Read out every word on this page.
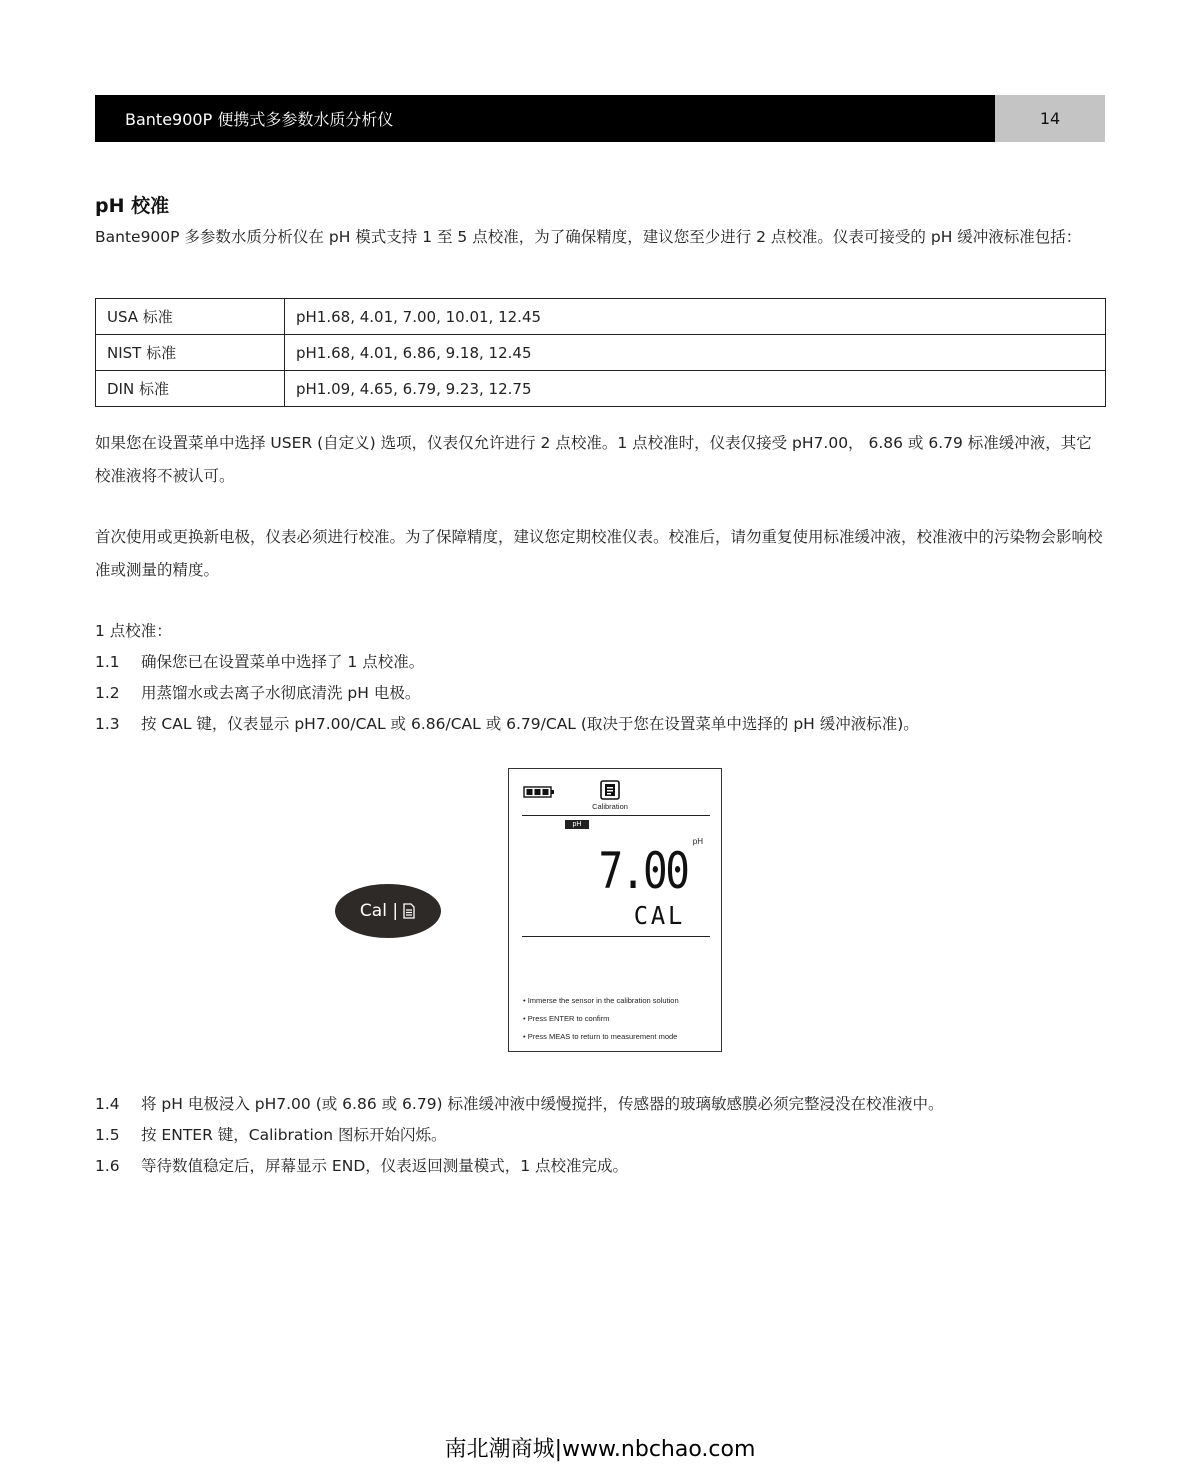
Bante900P 便携式多参数水质分析仪	14
pH 校准
Bante900P 多参数水质分析仪在 pH 模式支持 1 至 5 点校准，为了确保精度，建议您至少进行 2 点校准。仪表可接受的 pH 缓冲液标准包括：
USA 标准	pH1.68, 4.01, 7.00, 10.01, 12.45
NIST 标准	pH1.68, 4.01, 6.86, 9.18, 12.45
DIN 标准	pH1.09, 4.65, 6.79, 9.23, 12.75
如果您在设置菜单中选择 USER (自定义) 选项，仪表仅允许进行 2 点校准。1 点校准时，仪表仅接受 pH7.00， 6.86 或 6.79 标准缓冲液，其它校准液将不被认可。
首次使用或更换新电极，仪表必须进行校准。为了保障精度，建议您定期校准仪表。校准后，请勿重复使用标准缓冲液，校准液中的污染物会影响校准或测量的精度。
1 点校准：
1.1	确保您已在设置菜单中选择了 1 点校准。
1.2	用蒸馏水或去离子水彻底清洗 pH 电极。
1.3	按 CAL 键，仪表显示 pH7.00/CAL 或 6.86/CAL 或 6.79/CAL (取决于您在设置菜单中选择的 pH 缓冲液标准)。
Cal |
Calibration
pH
pH
7.00
CAL
• Immerse the sensor in the calibration solution
• Press ENTER to confirm
• Press MEAS to return to measurement mode
1.4	将 pH 电极浸入 pH7.00 (或 6.86 或 6.79) 标准缓冲液中缓慢搅拌，传感器的玻璃敏感膜必须完整浸没在校准液中。
1.5	按 ENTER 键，Calibration 图标开始闪烁。
1.6	等待数值稳定后，屏幕显示 END，仪表返回测量模式，1 点校准完成。
南北潮商城|www.nbchao.com
